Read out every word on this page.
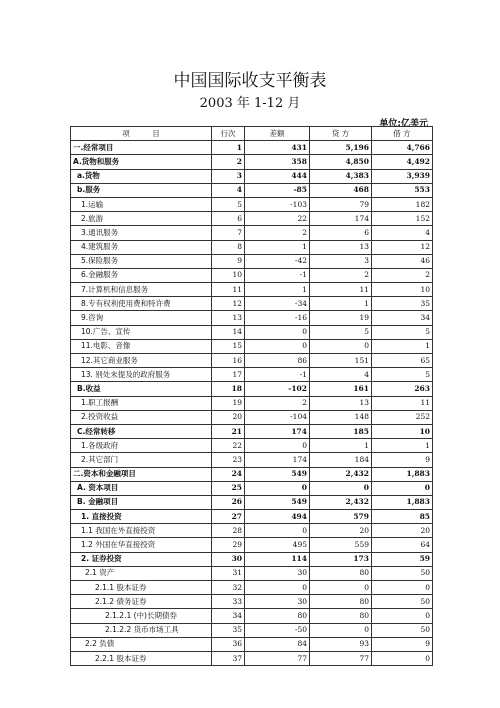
中国国际收支平衡表
2003 年 1-12 月
单位:亿美元
项　　　目	行次	差额	贷 方	借 方
一.经常项目	1	431	5,196	4,766
A.货物和服务	2	358	4,850	4,492
a.货物	3	444	4,383	3,939
b.服务	4	-85	468	553
1.运输	5	-103	79	182
2.旅游	6	22	174	152
3.通讯服务	7	2	6	4
4.建筑服务	8	1	13	12
5.保险服务	9	-42	3	46
6.金融服务	10	-1	2	2
7.计算机和信息服务	11	1	11	10
8.专有权利使用费和特许费	12	-34	1	35
9.咨询	13	-16	19	34
10.广告、宣传	14	0	5	5
11.电影、音像	15	0	0	1
12.其它商业服务	16	86	151	65
13. 别处未提及的政府服务	17	-1	4	5
B.收益	18	-102	161	263
1.职工报酬	19	2	13	11
2.投资收益	20	-104	148	252
C.经常转移	21	174	185	10
1.各级政府	22	0	1	1
2.其它部门	23	174	184	9
二.资本和金融项目	24	549	2,432	1,883
A. 资本项目	25	0	0	0
B. 金融项目	26	549	2,432	1,883
1. 直接投资	27	494	579	85
1.1 我国在外直接投资	28	0	20	20
1.2 外国在华直接投资	29	495	559	64
2. 证券投资	30	114	173	59
2.1 资产	31	30	80	50
2.1.1 股本证券	32	0	0	0
2.1.2 债务证券	33	30	80	50
2.1.2.1 (中)长期债券	34	80	80	0
2.1.2.2 货币市场工具	35	-50	0	50
2.2 负债	36	84	93	9
2.2.1 股本证券	37	77	77	0
